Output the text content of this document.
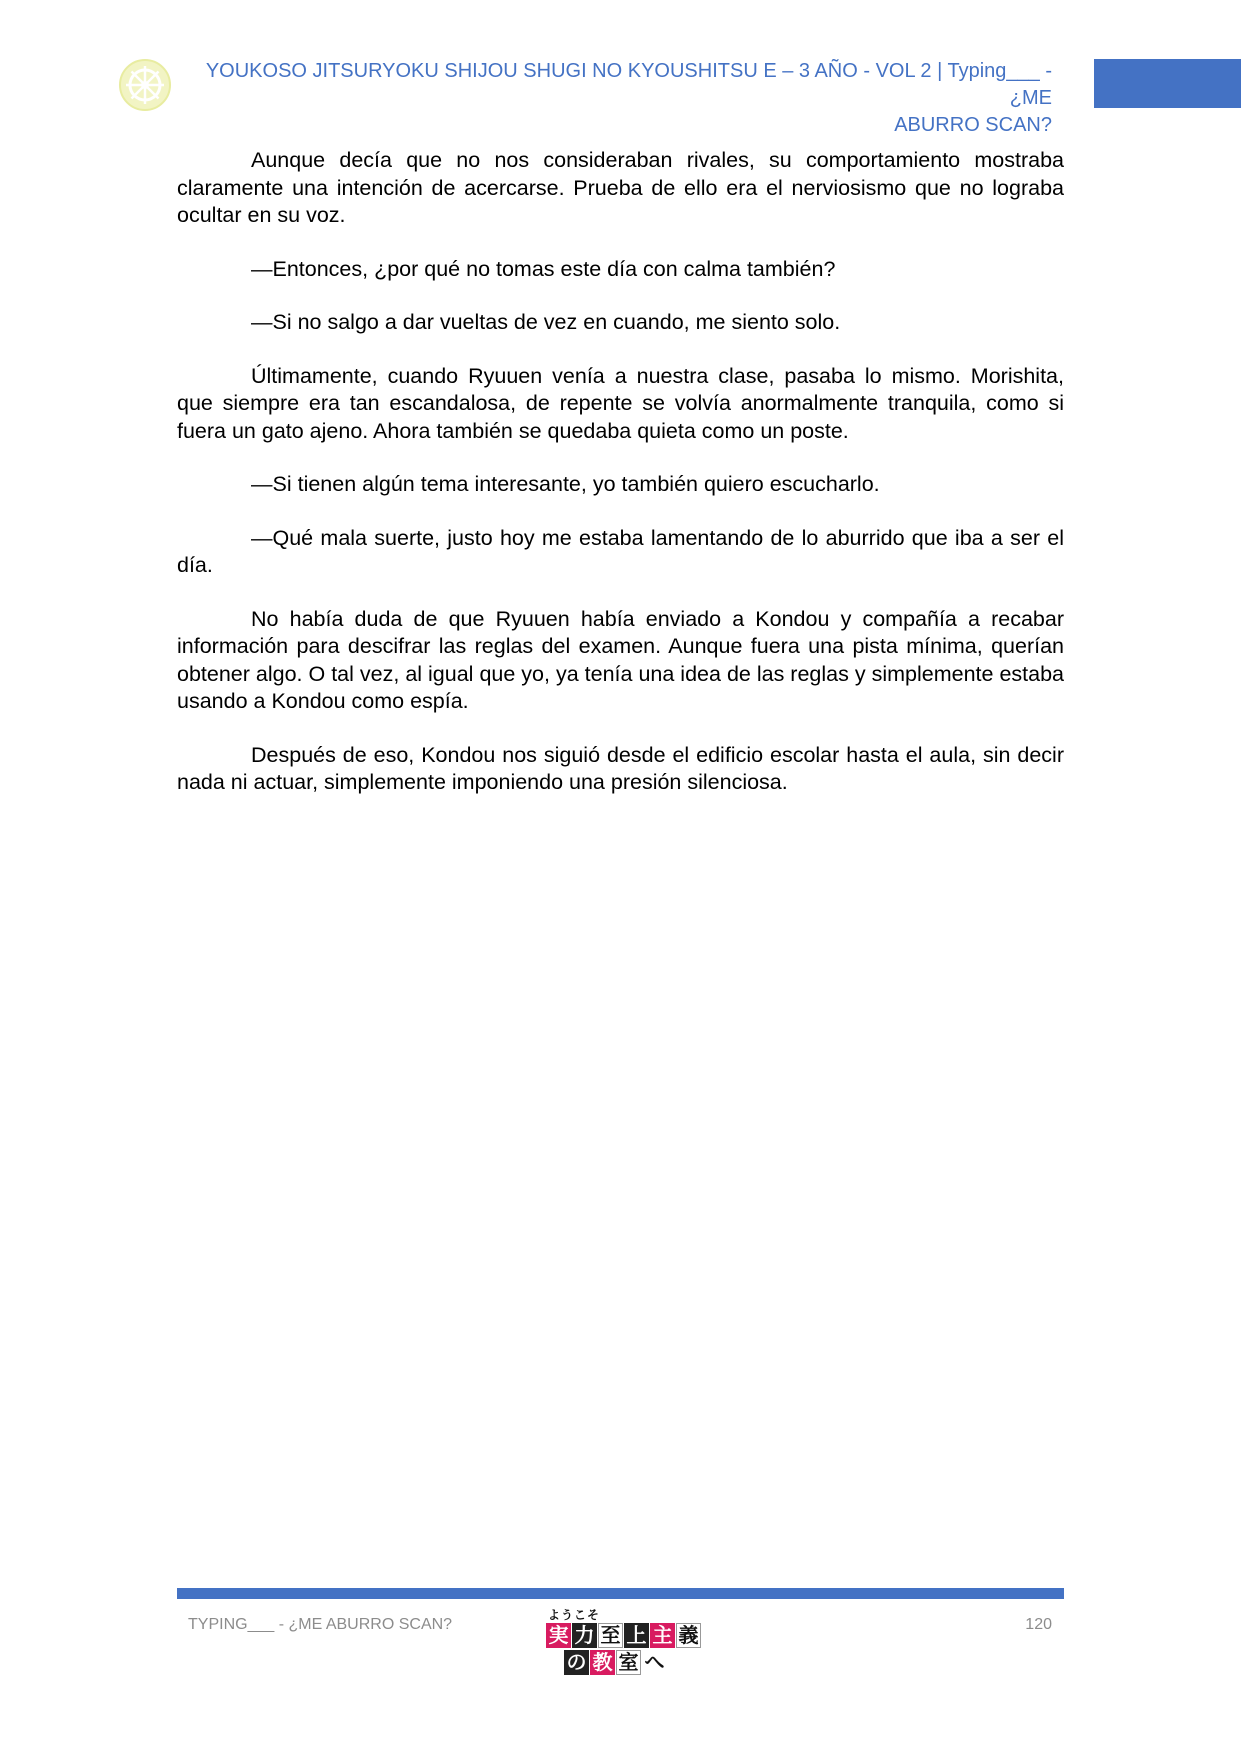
YOUKOSO JITSURYOKU SHIJOU SHUGI NO KYOUSHITSU E – 3 AÑO - VOL 2 | Typing___ - ¿ME
ABURRO SCAN?

Aunque decía que no nos consideraban rivales, su comportamiento mostraba claramente una intención de acercarse. Prueba de ello era el nerviosismo que no lograba ocultar en su voz.

—Entonces, ¿por qué no tomas este día con calma también?

—Si no salgo a dar vueltas de vez en cuando, me siento solo.

Últimamente, cuando Ryuuen venía a nuestra clase, pasaba lo mismo. Morishita, que siempre era tan escandalosa, de repente se volvía anormalmente tranquila, como si fuera un gato ajeno. Ahora también se quedaba quieta como un poste.

—Si tienen algún tema interesante, yo también quiero escucharlo.

—Qué mala suerte, justo hoy me estaba lamentando de lo aburrido que iba a ser el día.

No había duda de que Ryuuen había enviado a Kondou y compañía a recabar información para descifrar las reglas del examen. Aunque fuera una pista mínima, querían obtener algo. O tal vez, al igual que yo, ya tenía una idea de las reglas y simplemente estaba usando a Kondou como espía.

Después de eso, Kondou nos siguió desde el edificio escolar hasta el aula, sin decir nada ni actuar, simplemente imponiendo una presión silenciosa.

TYPING___ - ¿ME ABURRO SCAN?
ようこそ
実 力 至 上 主 義
の 教 室 へ
120
